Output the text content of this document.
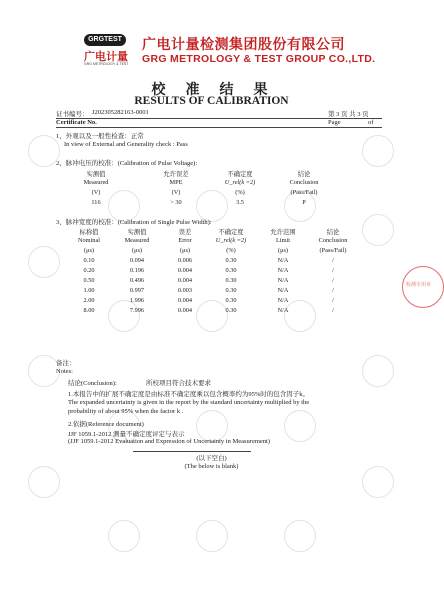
GRGTEST
广电计量
GRG METROLOGY & TEST
广电计量检测集团股份有限公司
GRG METROLOGY & TEST GROUP CO.,LTD.
校准结果
RESULTS OF CALIBRATION
证书编号： J202305282163-0001	第 3 页 共 3 页
Certificate No.	Page	of
1、外观以及一般性检查：正常
In view of External and Generality check : Pass
2、脉冲电压的校准：(Calibration of Pulse Voltage):
实测值	允许误差	不确定度	结论
Measured	MPE	U_rel(k =2)	Conclusion
(V)	(V)	(%)	(Pass/Fail)
116	> 30	3.5	P
3、脉冲宽度的校准：(Calibration of Single Pulse Width):
标称值	实测值	误差	不确定度	允许范围	结论
Nominal	Measured	Error	U_rel(k =2)	Limit	Conclusion
(μs)	(μs)	(μs)	(%)	(μs)	(Pass/Fail)
0.10	0.094	0.006	0.30	N/A	/
0.20	0.196	0.004	0.30	N/A	/
0.50	0.496	0.004	0.30	N/A	/
1.00	0.997	0.003	0.30	N/A	/
2.00	1.996	0.004	0.30	N/A	/
8.00	7.996	0.004	0.30	N/A	/
检测专用章
备注：
Notes:
结论(Conclusion):	所校项目符合技术要求
1.本报告中的扩展不确定度是由标准不确定度乘以包含概率约为95%时的包含因子k。
The expanded uncertainty is given in the report by the standard uncertainty multiplied by the
probability of about 95% when the factor k .
2.依据(Reference document)
JJF 1059.1-2012 测量不确定度评定与表示
(JJF 1059.1-2012 Evaluation and Expression of Uncertainty in Measurement)
(以下空白)
(The below is blank)
